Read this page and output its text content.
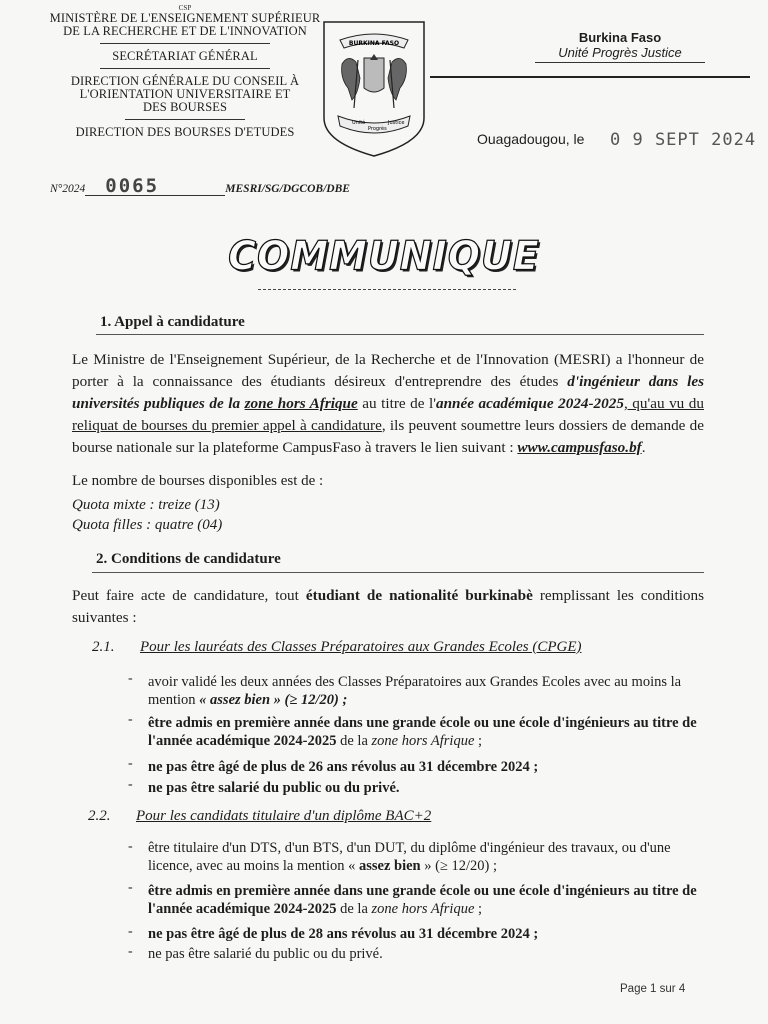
CSP
MINISTÈRE DE L'ENSEIGNEMENT SUPÉRIEUR
DE LA RECHERCHE ET DE L'INNOVATION
SECRÉTARIAT GÉNÉRAL
DIRECTION GÉNÉRALE DU CONSEIL À
L'ORIENTATION UNIVERSITAIRE ET
DES BOURSES
DIRECTION DES BOURSES D'ETUDES
BURKINA FASO
Unité
Progrès
Justice
Burkina Faso
Unité Progrès Justice
Ouagadougou, le 0 9 SEPT 2024
N°2024 0065	MESRI/SG/DGCOB/DBE
COMMUNIQUE
1. Appel à candidature
Le Ministre de l'Enseignement Supérieur, de la Recherche et de l'Innovation (MESRI) a l'honneur de porter à la connaissance des étudiants désireux d'entreprendre des études d'ingénieur dans les universités publiques de la zone hors Afrique au titre de l'année académique 2024-2025, qu'au vu du reliquat de bourses du premier appel à candidature, ils peuvent soumettre leurs dossiers de demande de bourse nationale sur la plateforme CampusFaso à travers le lien suivant : www.campusfaso.bf.
Le nombre de bourses disponibles est de :
Quota mixte : treize (13)
Quota filles : quatre (04)
2. Conditions de candidature
Peut faire acte de candidature, tout étudiant de nationalité burkinabè remplissant les conditions suivantes :
2.1. Pour les lauréats des Classes Préparatoires aux Grandes Ecoles (CPGE)
- avoir validé les deux années des Classes Préparatoires aux Grandes Ecoles avec au moins la mention « assez bien » (≥ 12/20) ;
- être admis en première année dans une grande école ou une école d'ingénieurs au titre de l'année académique 2024-2025 de la zone hors Afrique ;
- ne pas être âgé de plus de 26 ans révolus au 31 décembre 2024 ;
- ne pas être salarié du public ou du privé.
2.2. Pour les candidats titulaire d'un diplôme BAC+2
- être titulaire d'un DTS, d'un BTS, d'un DUT, du diplôme d'ingénieur des travaux, ou d'une licence, avec au moins la mention « assez bien » (≥ 12/20) ;
- être admis en première année dans une grande école ou une école d'ingénieurs au titre de l'année académique 2024-2025 de la zone hors Afrique ;
- ne pas être âgé de plus de 28 ans révolus au 31 décembre 2024 ;
- ne pas être salarié du public ou du privé.
Page 1 sur 4
